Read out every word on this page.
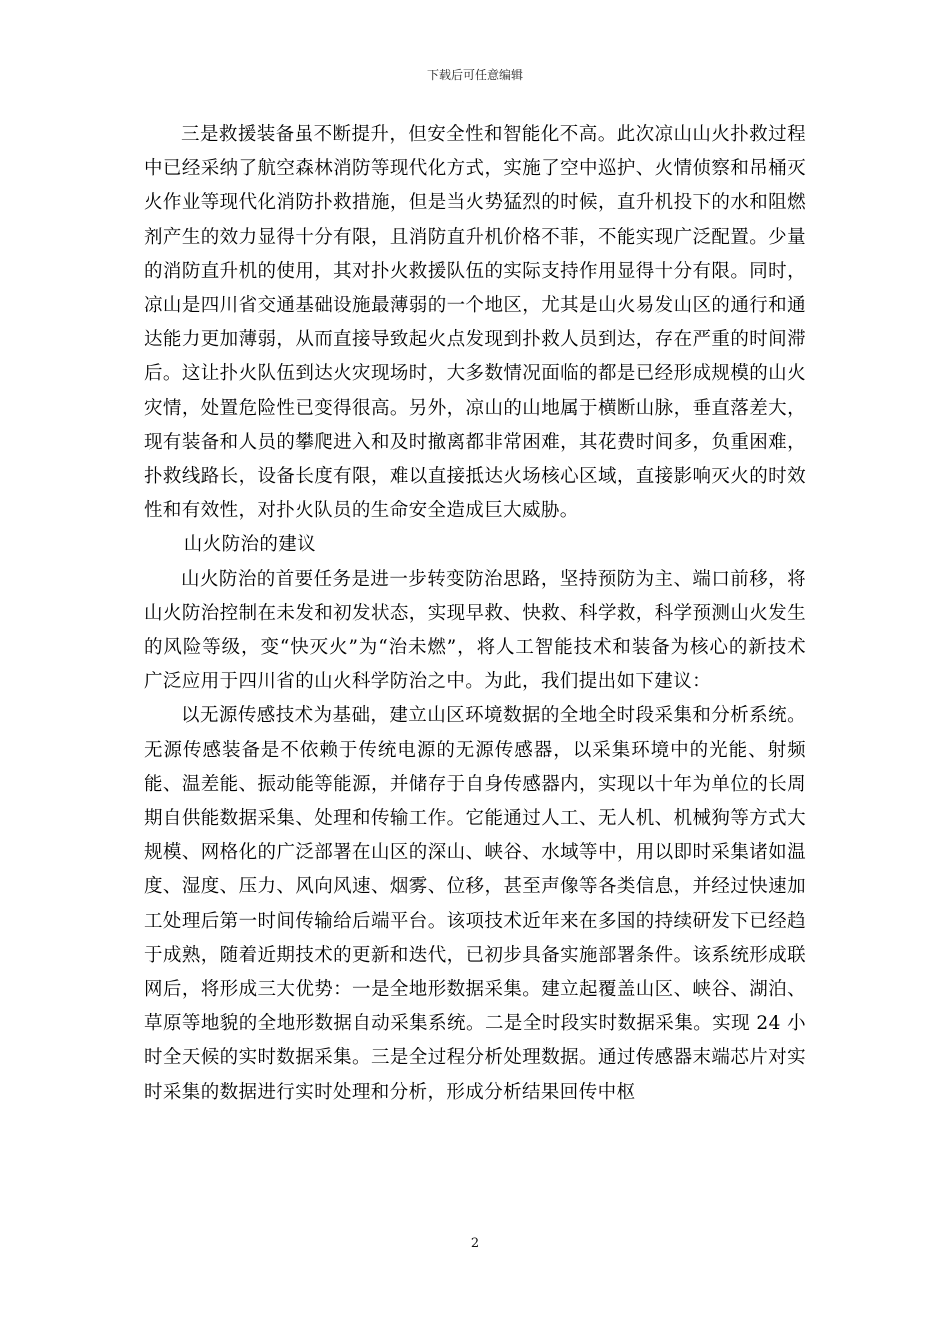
下载后可任意编辑

三是救援装备虽不断提升，但安全性和智能化不高。此次凉山山火扑救过程中已经采纳了航空森林消防等现代化方式，实施了空中巡护、火情侦察和吊桶灭火作业等现代化消防扑救措施，但是当火势猛烈的时候，直升机投下的水和阻燃剂产生的效力显得十分有限，且消防直升机价格不菲，不能实现广泛配置。少量的消防直升机的使用，其对扑火救援队伍的实际支持作用显得十分有限。同时，凉山是四川省交通基础设施最薄弱的一个地区，尤其是山火易发山区的通行和通达能力更加薄弱，从而直接导致起火点发现到扑救人员到达，存在严重的时间滞后。这让扑火队伍到达火灾现场时，大多数情况面临的都是已经形成规模的山火灾情，处置危险性已变得很高。另外，凉山的山地属于横断山脉，垂直落差大，现有装备和人员的攀爬进入和及时撤离都非常困难，其花费时间多，负重困难，扑救线路长，设备长度有限，难以直接抵达火场核心区域，直接影响灭火的时效性和有效性，对扑火队员的生命安全造成巨大威胁。

山火防治的建议

山火防治的首要任务是进一步转变防治思路，坚持预防为主、端口前移，将山火防治控制在未发和初发状态，实现早救、快救、科学救，科学预测山火发生的风险等级，变“快灭火”为“治未燃”，将人工智能技术和装备为核心的新技术广泛应用于四川省的山火科学防治之中。为此，我们提出如下建议：

以无源传感技术为基础，建立山区环境数据的全地全时段采集和分析系统。无源传感装备是不依赖于传统电源的无源传感器，以采集环境中的光能、射频能、温差能、振动能等能源，并储存于自身传感器内，实现以十年为单位的长周期自供能数据采集、处理和传输工作。它能通过人工、无人机、机械狗等方式大规模、网格化的广泛部署在山区的深山、峡谷、水域等中，用以即时采集诸如温度、湿度、压力、风向风速、烟雾、位移，甚至声像等各类信息，并经过快速加工处理后第一时间传输给后端平台。该项技术近年来在多国的持续研发下已经趋于成熟，随着近期技术的更新和迭代，已初步具备实施部署条件。该系统形成联网后，将形成三大优势：一是全地形数据采集。建立起覆盖山区、峡谷、湖泊、草原等地貌的全地形数据自动采集系统。二是全时段实时数据采集。实现 24 小时全天候的实时数据采集。三是全过程分析处理数据。通过传感器末端芯片对实时采集的数据进行实时处理和分析，形成分析结果回传中枢

2
